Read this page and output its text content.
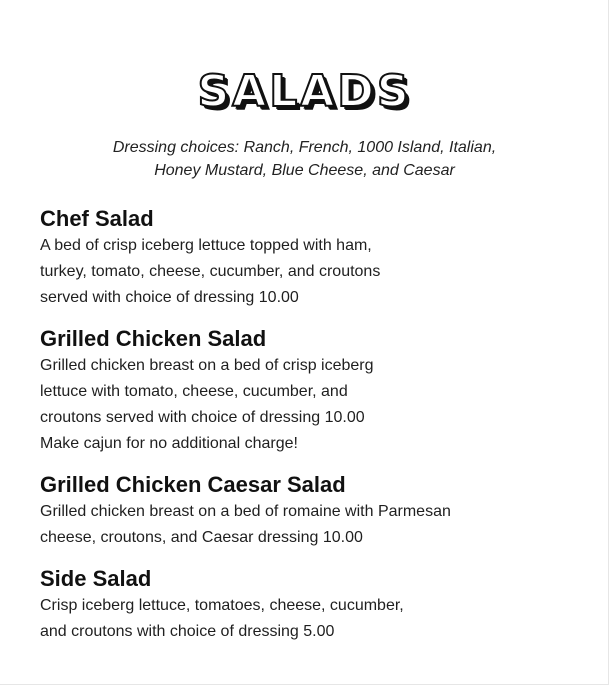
SALADS
Dressing choices: Ranch, French, 1000 Island, Italian,
Honey Mustard, Blue Cheese, and Caesar
Chef Salad
A bed of crisp iceberg lettuce topped with ham,
turkey, tomato, cheese, cucumber, and croutons
served with choice of dressing 10.00
Grilled Chicken Salad
Grilled chicken breast on a bed of crisp iceberg
lettuce with tomato, cheese, cucumber, and
croutons served with choice of dressing 10.00
Make cajun for no additional charge!
Grilled Chicken Caesar Salad
Grilled chicken breast on a bed of romaine with Parmesan
cheese, croutons, and Caesar dressing 10.00
Side Salad
Crisp iceberg lettuce, tomatoes, cheese, cucumber,
and croutons with choice of dressing 5.00
